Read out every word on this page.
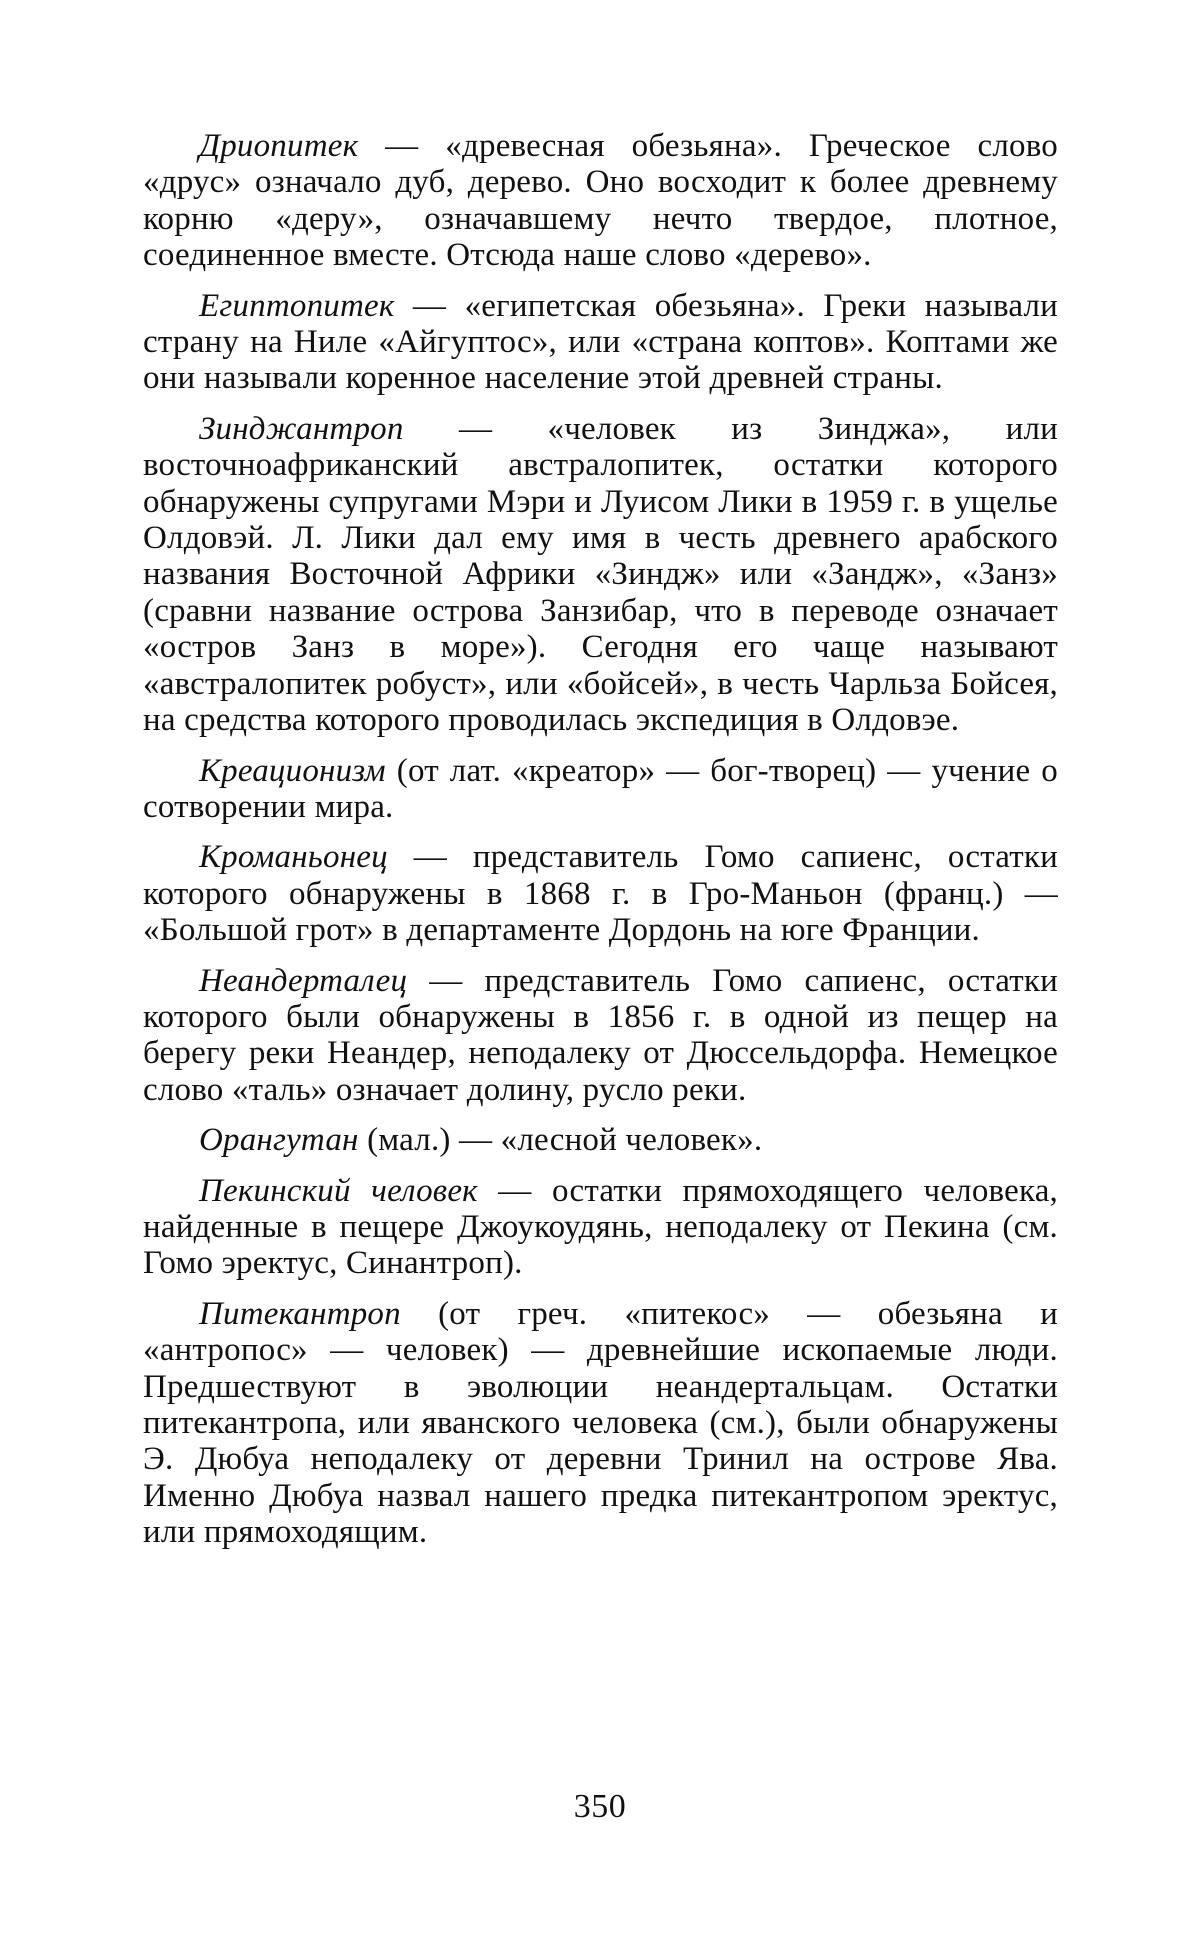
Дриопитек — «древесная обезьяна». Греческое слово «друс» означало дуб, дерево. Оно восходит к более древнему корню «деру», означавшему нечто твердое, плотное, соединенное вместе. Отсюда наше слово «дерево».

Египтопитек — «египетская обезьяна». Греки называли страну на Ниле «Айгуптос», или «страна коптов». Коптами же они называли коренное население этой древней страны.

Зинджантроп — «человек из Зинджа», или восточноафриканский австралопитек, остатки которого обнаружены супругами Мэри и Луисом Лики в 1959 г. в ущелье Олдовэй. Л. Лики дал ему имя в честь древнего арабского названия Восточной Африки «Зиндж» или «Зандж», «Занз» (сравни название острова Занзибар, что в переводе означает «остров Занз в море»). Сегодня его чаще называют «австралопитек робуст», или «бойсей», в честь Чарльза Бойсея, на средства которого проводилась экспедиция в Олдовэе.

Креационизм (от лат. «креатор» — бог-творец) — учение о сотворении мира.

Кроманьонец — представитель Гомо сапиенс, остатки которого обнаружены в 1868 г. в Гро-Маньон (франц.) — «Большой грот» в департаменте Дордонь на юге Франции.

Неандерталец — представитель Гомо сапиенс, остатки которого были обнаружены в 1856 г. в одной из пещер на берегу реки Неандер, неподалеку от Дюссельдорфа. Немецкое слово «таль» означает долину, русло реки.

Орангутан (мал.) — «лесной человек».

Пекинский человек — остатки прямоходящего человека, найденные в пещере Джоукоудянь, неподалеку от Пекина (см. Гомо эректус, Синантроп).

Питекантроп (от греч. «питекос» — обезьяна и «антропос» — человек) — древнейшие ископаемые люди. Предшествуют в эволюции неандертальцам. Остатки питекантропа, или яванского человека (см.), были обнаружены Э. Дюбуа неподалеку от деревни Тринил на острове Ява. Именно Дюбуа назвал нашего предка питекантропом эректус, или прямоходящим.

350
